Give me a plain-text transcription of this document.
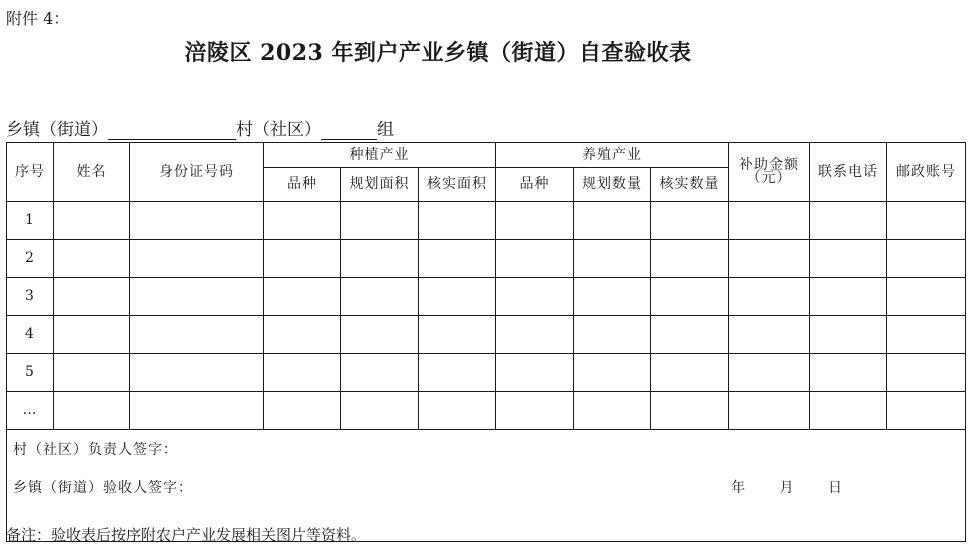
附件 4：
涪陵区 2023 年到户产业乡镇（街道）自查验收表
乡镇（街道）	村（社区）	组
序号	姓名	身份证号码	种植产业			养殖产业			补助金额（元）	联系电话	邮政账号
			品种	规划面积	核实面积	品种	规划数量	核实数量			
1											
2											
3											
4											
5											
…											

村（社区）负责人签字：
乡镇（街道）验收人签字： 年 月 日											
备注：验收表后按序附农户产业发展相关图片等资料。
